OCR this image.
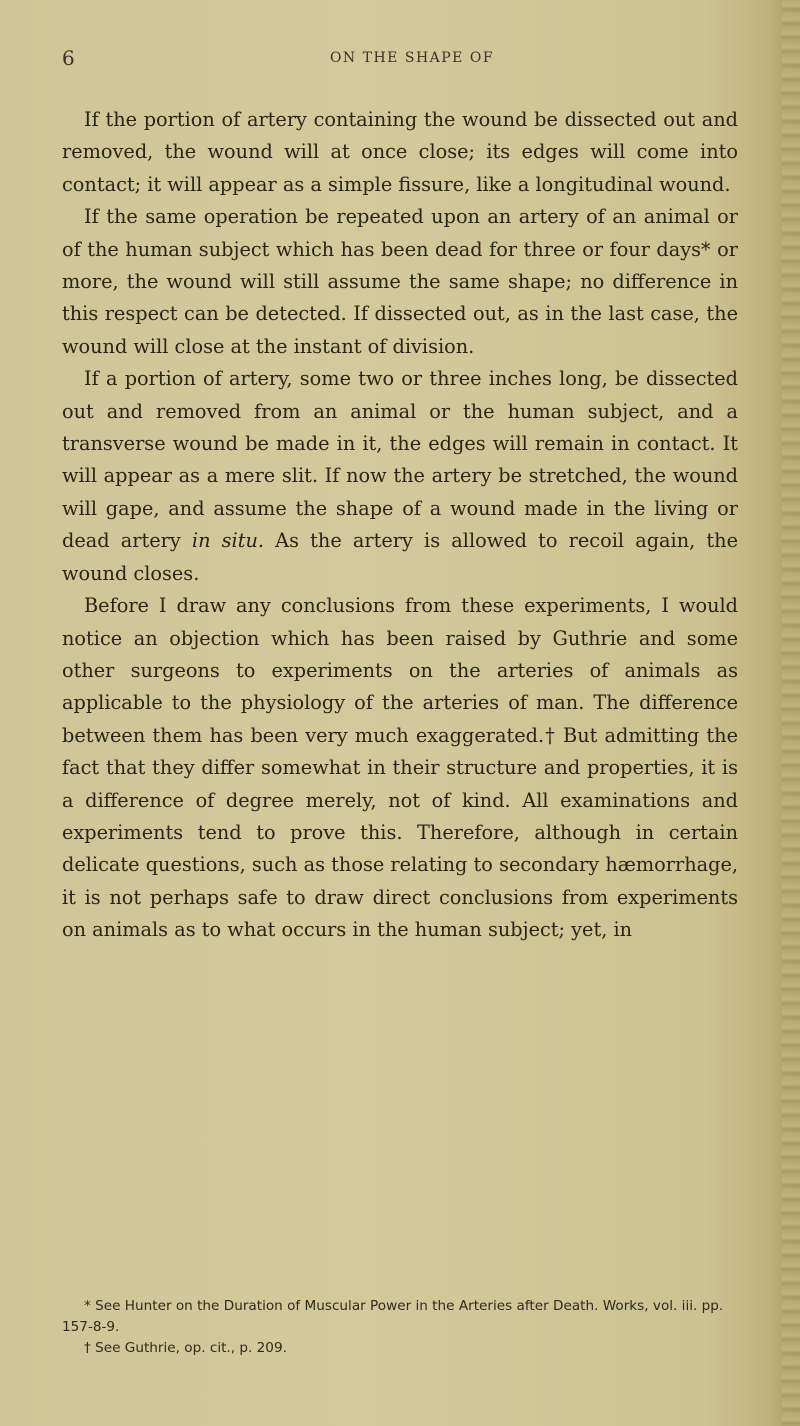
6	ON THE SHAPE OF

If the portion of artery containing the wound be dissected out and removed, the wound will at once close; its edges will come into contact; it will appear as a simple fissure, like a longitudinal wound.

If the same operation be repeated upon an artery of an animal or of the human subject which has been dead for three or four days* or more, the wound will still assume the same shape; no difference in this respect can be detected. If dissected out, as in the last case, the wound will close at the instant of division.

If a portion of artery, some two or three inches long, be dissected out and removed from an animal or the human subject, and a transverse wound be made in it, the edges will remain in contact. It will appear as a mere slit. If now the artery be stretched, the wound will gape, and assume the shape of a wound made in the living or dead artery in situ. As the artery is allowed to recoil again, the wound closes.

Before I draw any conclusions from these experiments, I would notice an objection which has been raised by Guthrie and some other surgeons to experiments on the arteries of animals as applicable to the physiology of the arteries of man. The difference between them has been very much exaggerated.† But admitting the fact that they differ somewhat in their structure and properties, it is a difference of degree merely, not of kind. All examinations and experiments tend to prove this. Therefore, although in certain delicate questions, such as those relating to secondary hæmorrhage, it is not perhaps safe to draw direct conclusions from experiments on animals as to what occurs in the human subject; yet, in

* See Hunter on the Duration of Muscular Power in the Arteries after Death. Works, vol. iii. pp. 157-8-9.

† See Guthrie, op. cit., p. 209.
